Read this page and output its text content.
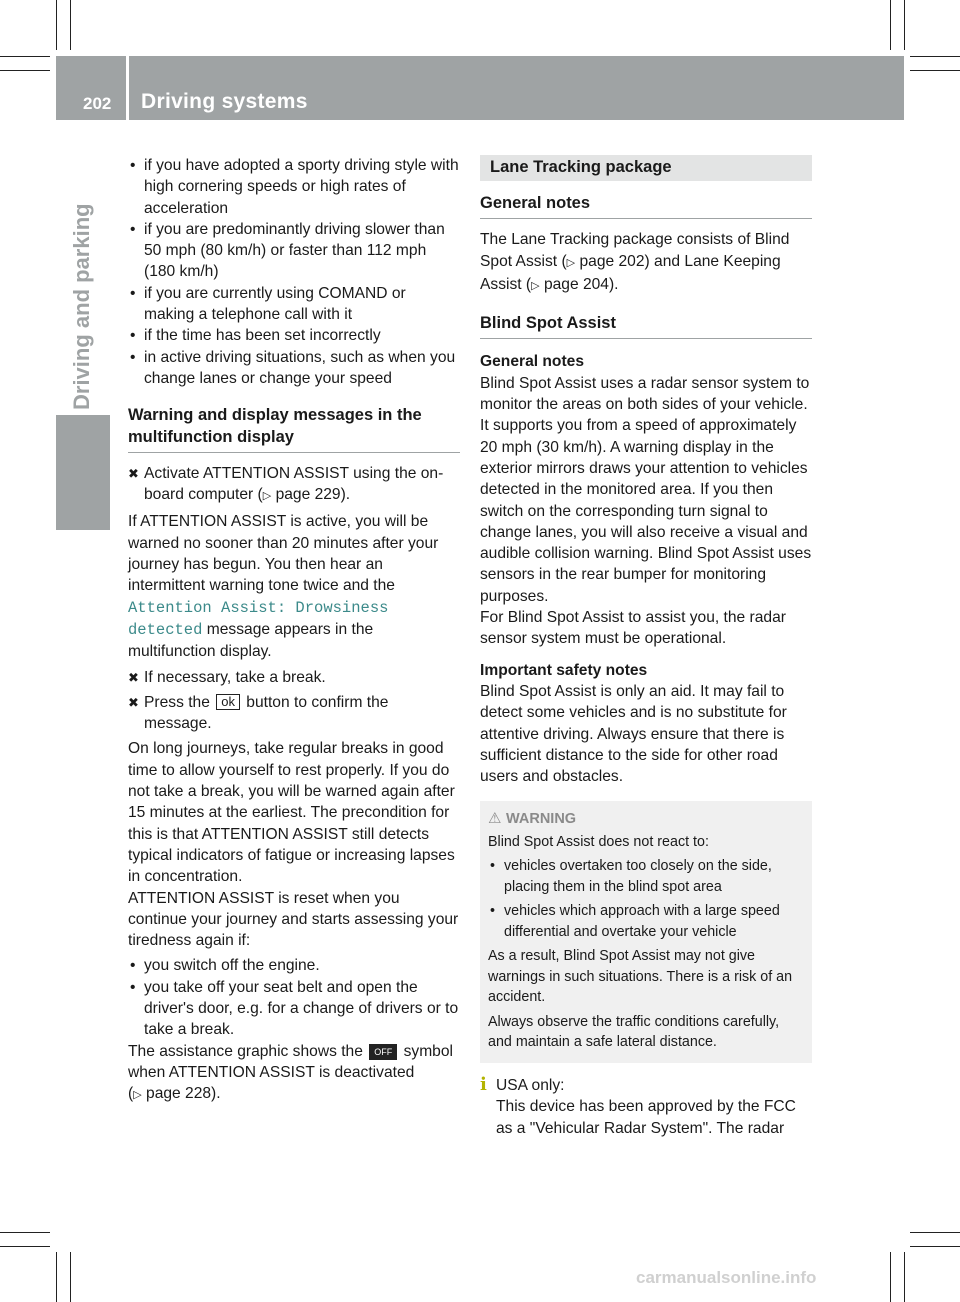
202 Driving systems
Driving and parking

• if you have adopted a sporty driving style with high cornering speeds or high rates of acceleration

• if you are predominantly driving slower than 50 mph (80 km/h) or faster than 112 mph (180 km/h)

• if you are currently using COMAND or making a telephone call with it

• if the time has been set incorrectly

• in active driving situations, such as when you change lanes or change your speed

Warning and display messages in the multifunction display

✖ Activate ATTENTION ASSIST using the on-board computer (▷ page 229).

If ATTENTION ASSIST is active, you will be warned no sooner than 20 minutes after your journey has begun. You then hear an intermittent warning tone twice and the Attention Assist: Drowsiness detected message appears in the multifunction display.

✖ If necessary, take a break.

✖ Press the ok button to confirm the message.

On long journeys, take regular breaks in good time to allow yourself to rest properly. If you do not take a break, you will be warned again after 15 minutes at the earliest. The precondition for this is that ATTENTION ASSIST still detects typical indicators of fatigue or increasing lapses in concentration.

ATTENTION ASSIST is reset when you continue your journey and starts assessing your tiredness again if:

• you switch off the engine.

• you take off your seat belt and open the driver's door, e.g. for a change of drivers or to take a break.

The assistance graphic shows the OFF symbol when ATTENTION ASSIST is deactivated (▷ page 228).

Lane Tracking package

General notes

The Lane Tracking package consists of Blind Spot Assist (▷ page 202) and Lane Keeping Assist (▷ page 204).

Blind Spot Assist

General notes

Blind Spot Assist uses a radar sensor system to monitor the areas on both sides of your vehicle. It supports you from a speed of approximately 20 mph (30 km/h). A warning display in the exterior mirrors draws your attention to vehicles detected in the monitored area. If you then switch on the corresponding turn signal to change lanes, you will also receive a visual and audible collision warning. Blind Spot Assist uses sensors in the rear bumper for monitoring purposes.

For Blind Spot Assist to assist you, the radar sensor system must be operational.

Important safety notes

Blind Spot Assist is only an aid. It may fail to detect some vehicles and is no substitute for attentive driving. Always ensure that there is sufficient distance to the side for other road users and obstacles.

⚠ WARNING

Blind Spot Assist does not react to:

• vehicles overtaken too closely on the side, placing them in the blind spot area

• vehicles which approach with a large speed differential and overtake your vehicle

As a result, Blind Spot Assist may not give warnings in such situations. There is a risk of an accident.

Always observe the traffic conditions carefully, and maintain a safe lateral distance.

i USA only:

This device has been approved by the FCC as a "Vehicular Radar System". The radar

carmanualsonline.info
